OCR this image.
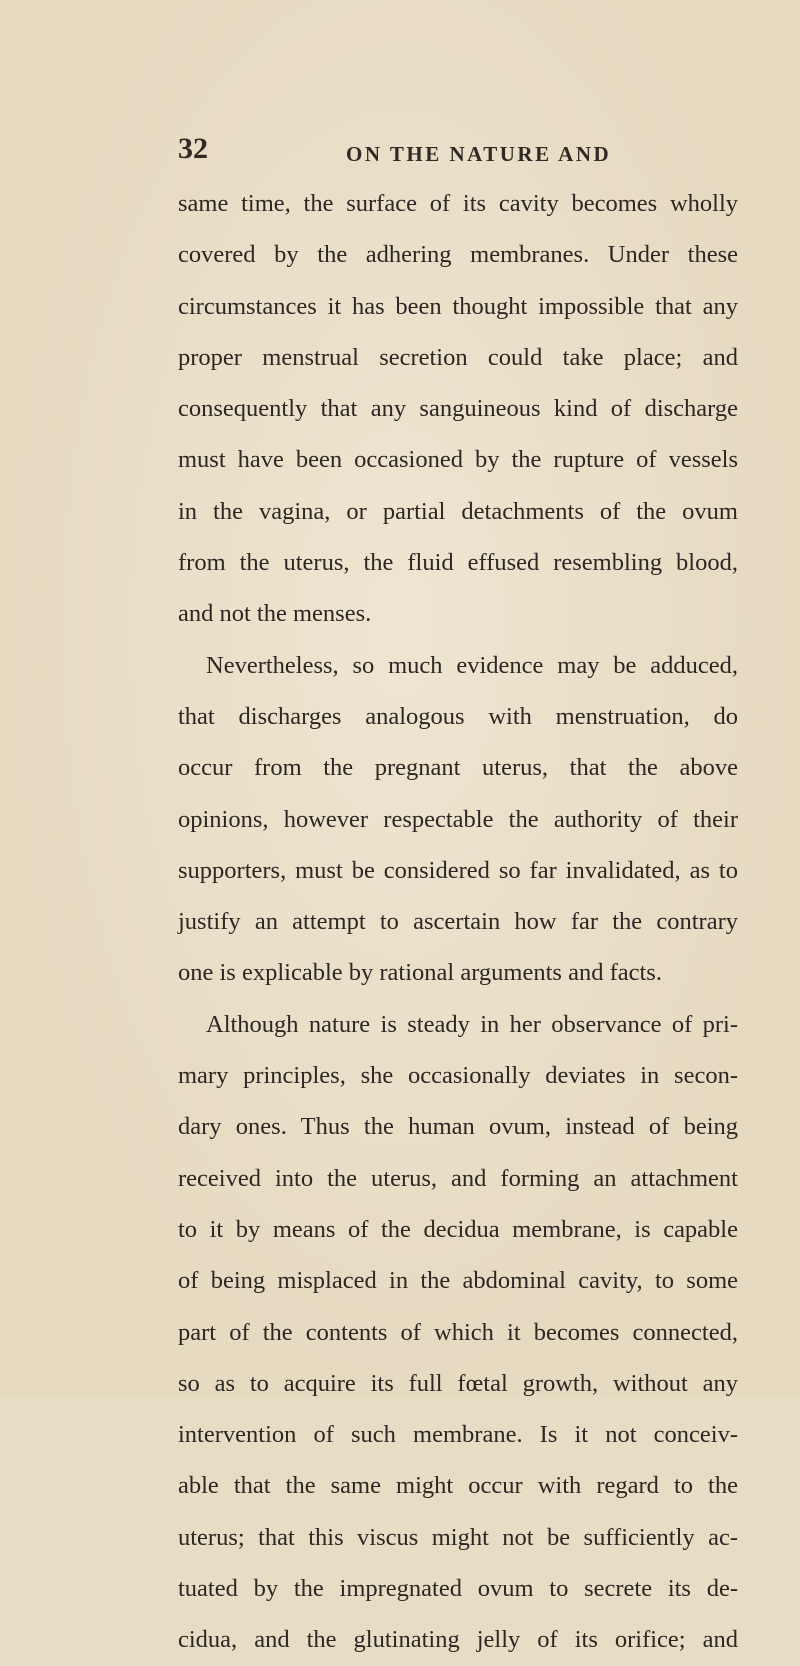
32	ON THE NATURE AND
same time, the surface of its cavity becomes wholly
covered by the adhering membranes. Under these
circumstances it has been thought impossible that any
proper menstrual secretion could take place; and
consequently that any sanguineous kind of discharge
must have been occasioned by the rupture of vessels
in the vagina, or partial detachments of the ovum
from the uterus, the fluid effused resembling blood,
and not the menses.
Nevertheless, so much evidence may be adduced,
that discharges analogous with menstruation, do
occur from the pregnant uterus, that the above
opinions, however respectable the authority of their
supporters, must be considered so far invalidated, as to
justify an attempt to ascertain how far the contrary
one is explicable by rational arguments and facts.
Although nature is steady in her observance of pri-
mary principles, she occasionally deviates in secon-
dary ones. Thus the human ovum, instead of being
received into the uterus, and forming an attachment
to it by means of the decidua membrane, is capable
of being misplaced in the abdominal cavity, to some
part of the contents of which it becomes connected,
so as to acquire its full fœtal growth, without any
intervention of such membrane. Is it not conceiv-
able that the same might occur with regard to the
uterus; that this viscus might not be sufficiently ac-
tuated by the impregnated ovum to secrete its de-
cidua, and the glutinating jelly of its orifice; and
